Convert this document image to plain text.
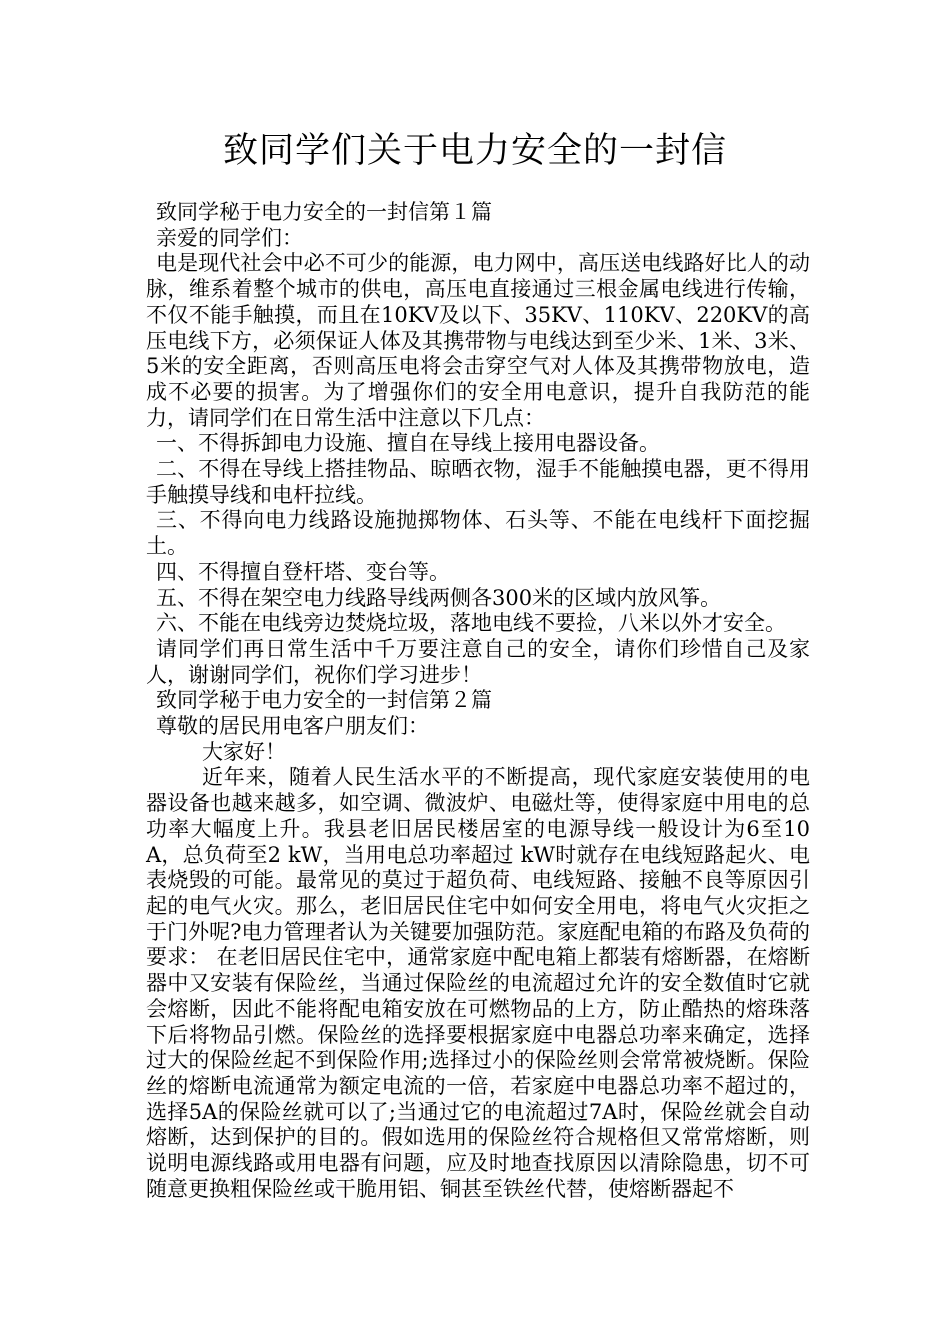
致同学们关于电力安全的一封信

致同学秘于电力安全的一封信第１篇

亲爱的同学们：

电是现代社会中必不可少的能源，电力网中，高压送电线路好比人的动脉，维系着整个城市的供电，高压电直接通过三根金属电线进行传输，不仅不能手触摸，而且在10KV及以下、35KV、110KV、220KV的高压电线下方，必须保证人体及其携带物与电线达到至少米、1米、3米、5米的安全距离，否则高压电将会击穿空气对人体及其携带物放电，造成不必要的损害。为了增强你们的安全用电意识，提升自我防范的能力，请同学们在日常生活中注意以下几点：

一、不得拆卸电力设施、擅自在导线上接用电器设备。

二、不得在导线上搭挂物品、晾晒衣物，湿手不能触摸电器，更不得用手触摸导线和电杆拉线。

三、不得向电力线路设施抛掷物体、石头等、不能在电线杆下面挖掘土。

四、不得擅自登杆塔、变台等。

五、不得在架空电力线路导线两侧各300米的区域内放风筝。

六、不能在电线旁边焚烧垃圾，落地电线不要捡，八米以外才安全。

请同学们再日常生活中千万要注意自己的安全，请你们珍惜自己及家人，谢谢同学们，祝你们学习进步！

致同学秘于电力安全的一封信第２篇

尊敬的居民用电客户朋友们：

大家好！

近年来，随着人民生活水平的不断提高，现代家庭安装使用的电器设备也越来越多，如空调、微波炉、电磁灶等，使得家庭中用电的总功率大幅度上升。我县老旧居民楼居室的电源导线一般设计为6至10A，总负荷至2 kW，当用电总功率超过 kW时就存在电线短路起火、电表烧毁的可能。最常见的莫过于超负荷、电线短路、接触不良等原因引起的电气火灾。那么，老旧居民住宅中如何安全用电，将电气火灾拒之于门外呢?电力管理者认为关键要加强防范。家庭配电箱的布路及负荷的要求： 在老旧居民住宅中，通常家庭中配电箱上都装有熔断器，在熔断器中又安装有保险丝，当通过保险丝的电流超过允许的安全数值时它就会熔断，因此不能将配电箱安放在可燃物品的上方，防止酷热的熔珠落下后将物品引燃。保险丝的选择要根据家庭中电器总功率来确定，选择过大的保险丝起不到保险作用;选择过小的保险丝则会常常被烧断。保险丝的熔断电流通常为额定电流的一倍，若家庭中电器总功率不超过的，选择5A的保险丝就可以了;当通过它的电流超过7A时，保险丝就会自动熔断，达到保护的目的。假如选用的保险丝符合规格但又常常熔断，则说明电源线路或用电器有问题，应及时地查找原因以清除隐患，切不可随意更换粗保险丝或干脆用铝、铜甚至铁丝代替，使熔断器起不
